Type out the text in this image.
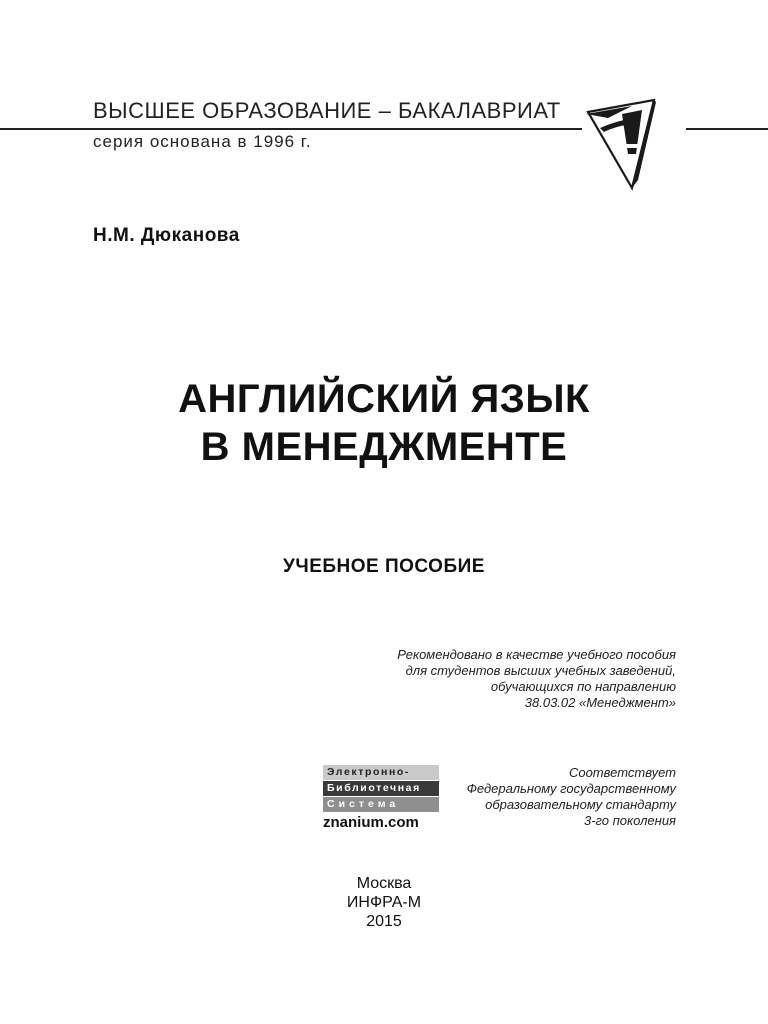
ВЫСШЕЕ ОБРАЗОВАНИЕ – БАКАЛАВРИАТ
серия основана в 1996 г.
Н.М. Дюканова
АНГЛИЙСКИЙ ЯЗЫК
В МЕНЕДЖМЕНТЕ
УЧЕБНОЕ ПОСОБИЕ
Рекомендовано в качестве учебного пособия
для студентов высших учебных заведений,
обучающихся по направлению
38.03.02 «Менеджмент»
Электронно-
Библиотечная
Система
znanium.com
Соответствует
Федеральному государственному
образовательному стандарту
3-го поколения
Москва
ИНФРА-М
2015
